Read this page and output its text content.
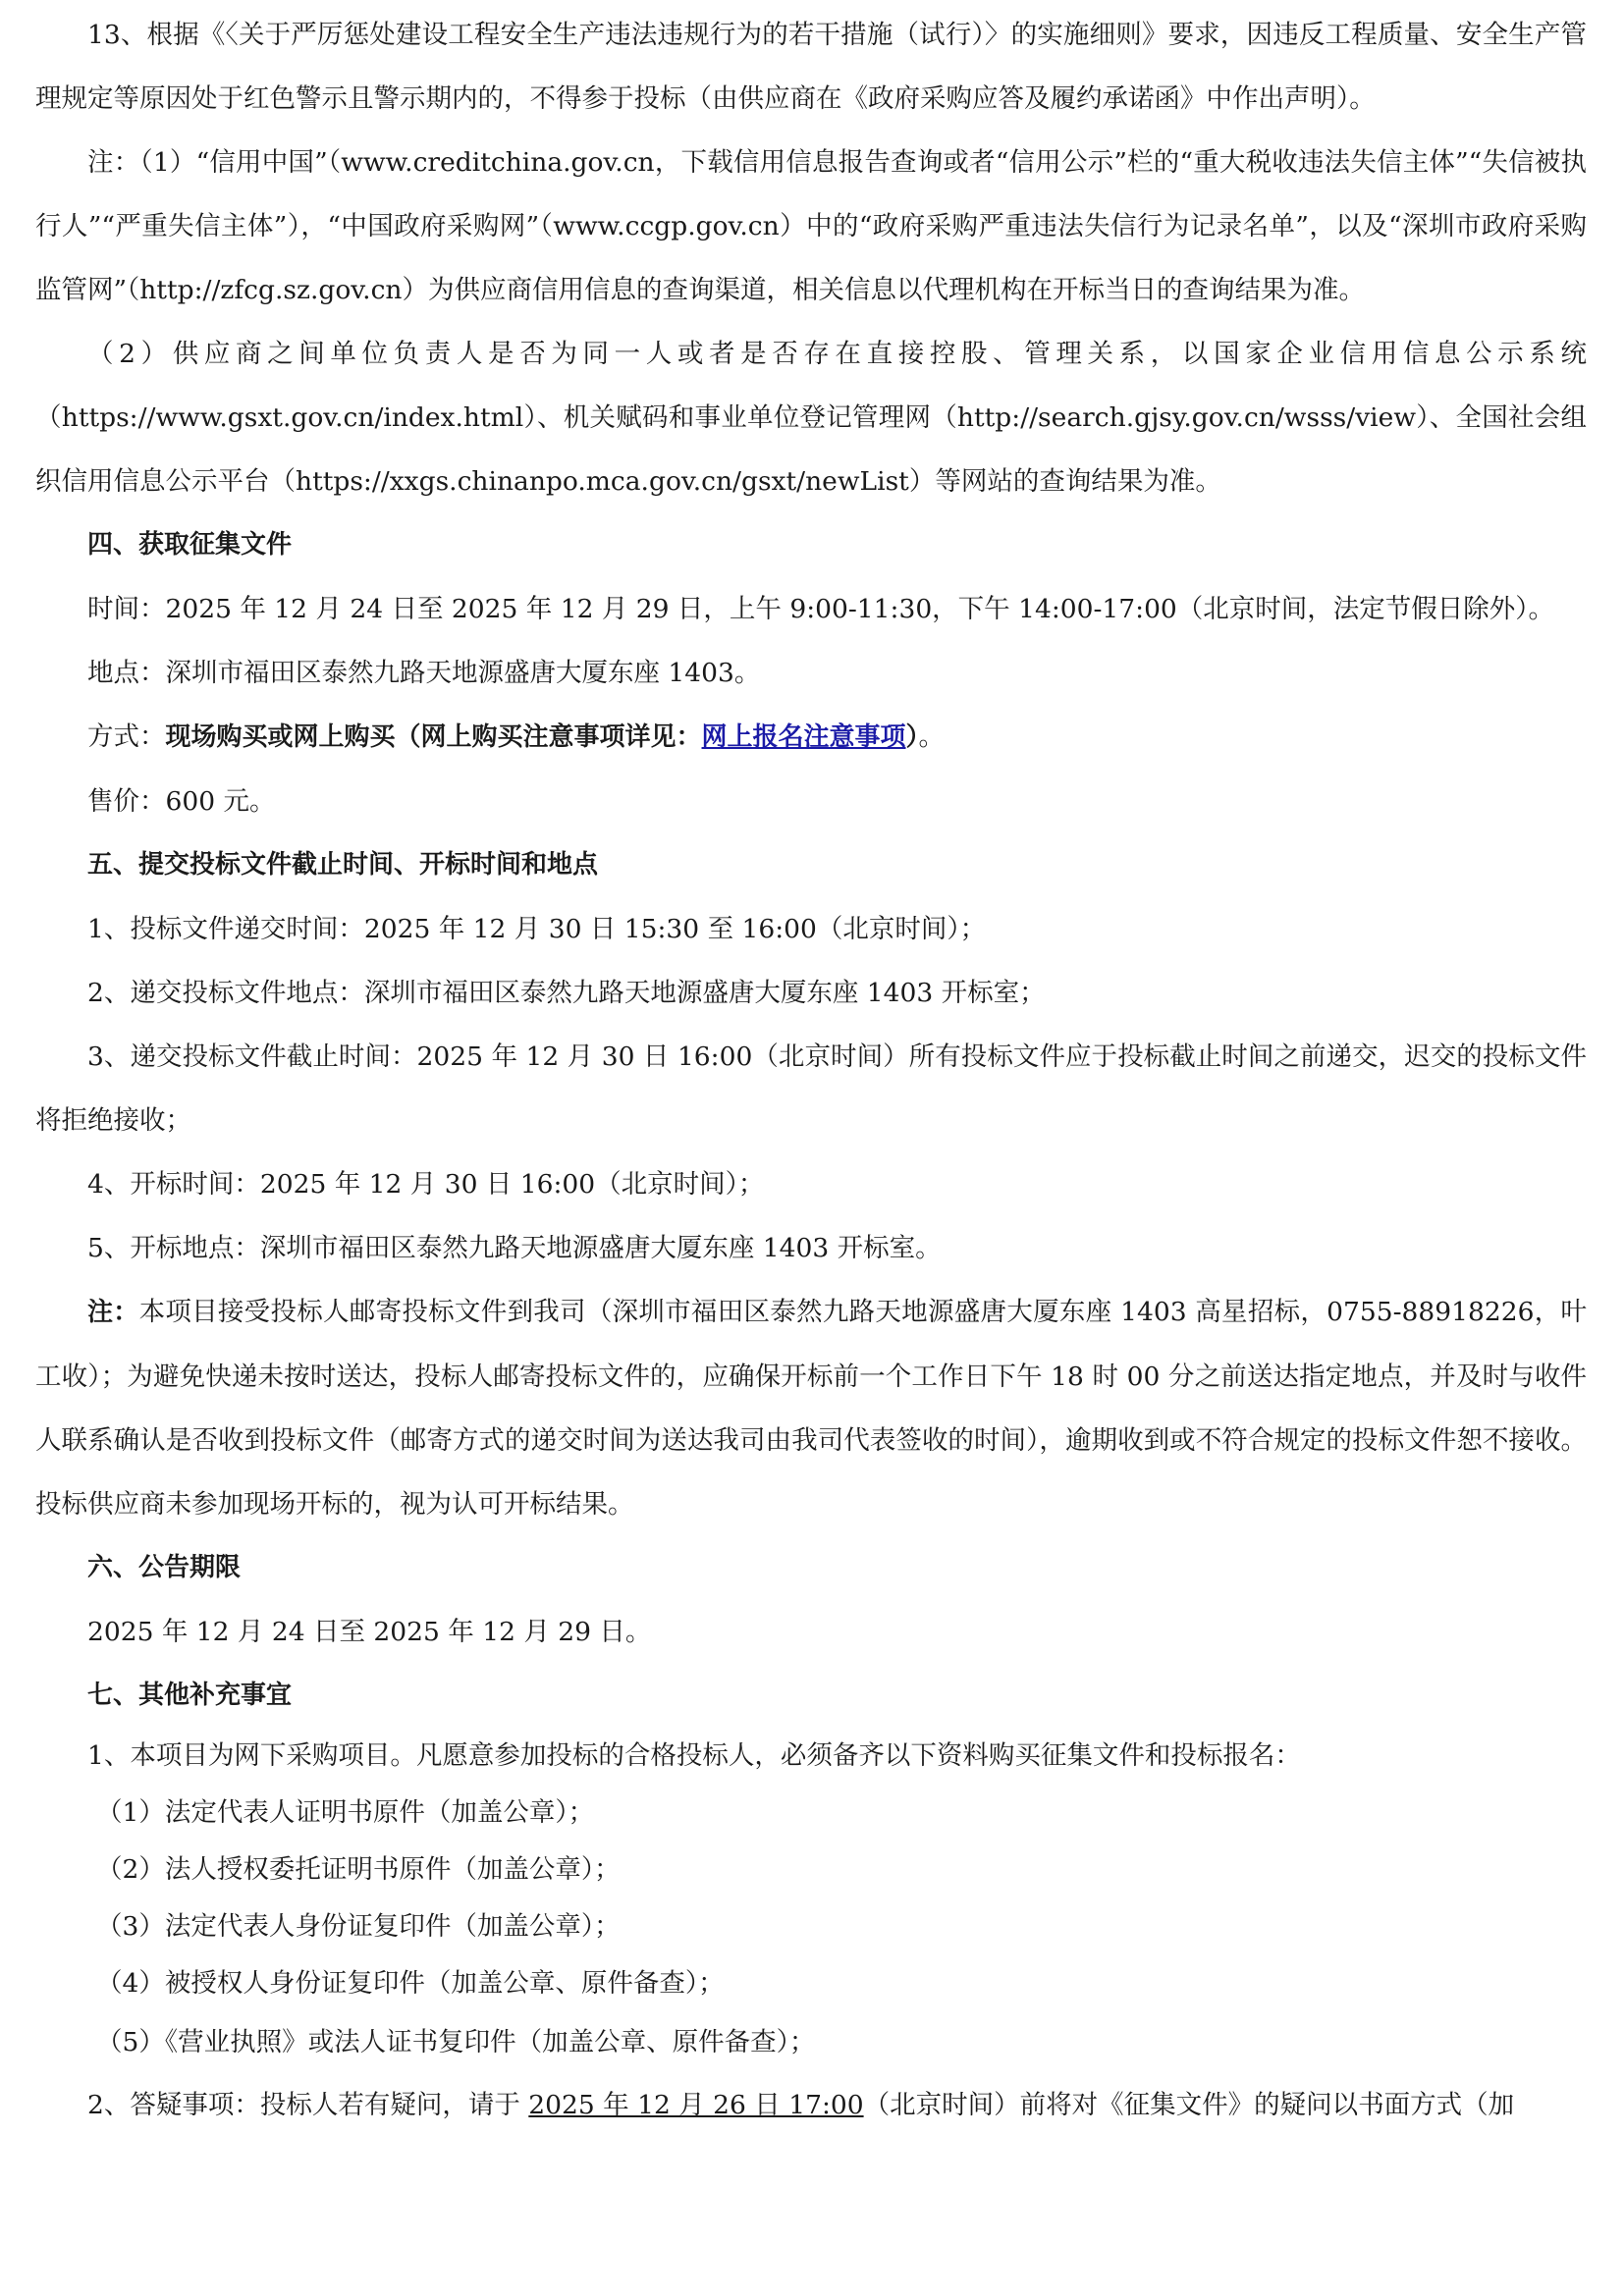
13、根据《〈关于严厉惩处建设工程安全生产违法违规行为的若干措施（试行）〉的实施细则》要求，因违反工程质量、安全生产管理规定等原因处于红色警示且警示期内的，不得参于投标（由供应商在《政府采购应答及履约承诺函》中作出声明）。

注：（1）“信用中国”（www.creditchina.gov.cn，下载信用信息报告查询或者“信用公示”栏的“重大税收违法失信主体”“失信被执行人”“严重失信主体”），“中国政府采购网”（www.ccgp.gov.cn）中的“政府采购严重违法失信行为记录名单”，以及“深圳市政府采购监管网”（http://zfcg.sz.gov.cn）为供应商信用信息的查询渠道，相关信息以代理机构在开标当日的查询结果为准。

（2）供应商之间单位负责人是否为同一人或者是否存在直接控股、管理关系，以国家企业信用信息公示系统（https://www.gsxt.gov.cn/index.html）、机关赋码和事业单位登记管理网（http://search.gjsy.gov.cn/wsss/view）、全国社会组织信用信息公示平台（https://xxgs.chinanpo.mca.gov.cn/gsxt/newList）等网站的查询结果为准。

四、获取征集文件

时间：2025 年 12 月 24 日至 2025 年 12 月 29 日，上午 9:00-11:30，下午 14:00-17:00（北京时间，法定节假日除外）。

地点：深圳市福田区泰然九路天地源盛唐大厦东座 1403。

方式：现场购买或网上购买（网上购买注意事项详见：网上报名注意事项）。

售价：600 元。

五、提交投标文件截止时间、开标时间和地点

1、投标文件递交时间：2025 年 12 月 30 日 15:30 至 16:00（北京时间）；

2、递交投标文件地点：深圳市福田区泰然九路天地源盛唐大厦东座 1403 开标室；

3、递交投标文件截止时间：2025 年 12 月 30 日 16:00（北京时间）所有投标文件应于投标截止时间之前递交，迟交的投标文件将拒绝接收；

4、开标时间：2025 年 12 月 30 日 16:00（北京时间）；

5、开标地点：深圳市福田区泰然九路天地源盛唐大厦东座 1403 开标室。

注：本项目接受投标人邮寄投标文件到我司（深圳市福田区泰然九路天地源盛唐大厦东座 1403 高星招标，0755-88918226，叶工收）；为避免快递未按时送达，投标人邮寄投标文件的，应确保开标前一个工作日下午 18 时 00 分之前送达指定地点，并及时与收件人联系确认是否收到投标文件（邮寄方式的递交时间为送达我司由我司代表签收的时间），逾期收到或不符合规定的投标文件恕不接收。投标供应商未参加现场开标的，视为认可开标结果。

六、公告期限

2025 年 12 月 24 日至 2025 年 12 月 29 日。

七、其他补充事宜

1、本项目为网下采购项目。凡愿意参加投标的合格投标人，必须备齐以下资料购买征集文件和投标报名：

（1）法定代表人证明书原件（加盖公章）；

（2）法人授权委托证明书原件（加盖公章）；

（3）法定代表人身份证复印件（加盖公章）；

（4）被授权人身份证复印件（加盖公章、原件备查）；

（5）《营业执照》或法人证书复印件（加盖公章、原件备查）；

2、答疑事项：投标人若有疑问，请于 2025 年 12 月 26 日 17:00（北京时间）前将对《征集文件》的疑问以书面方式（加
